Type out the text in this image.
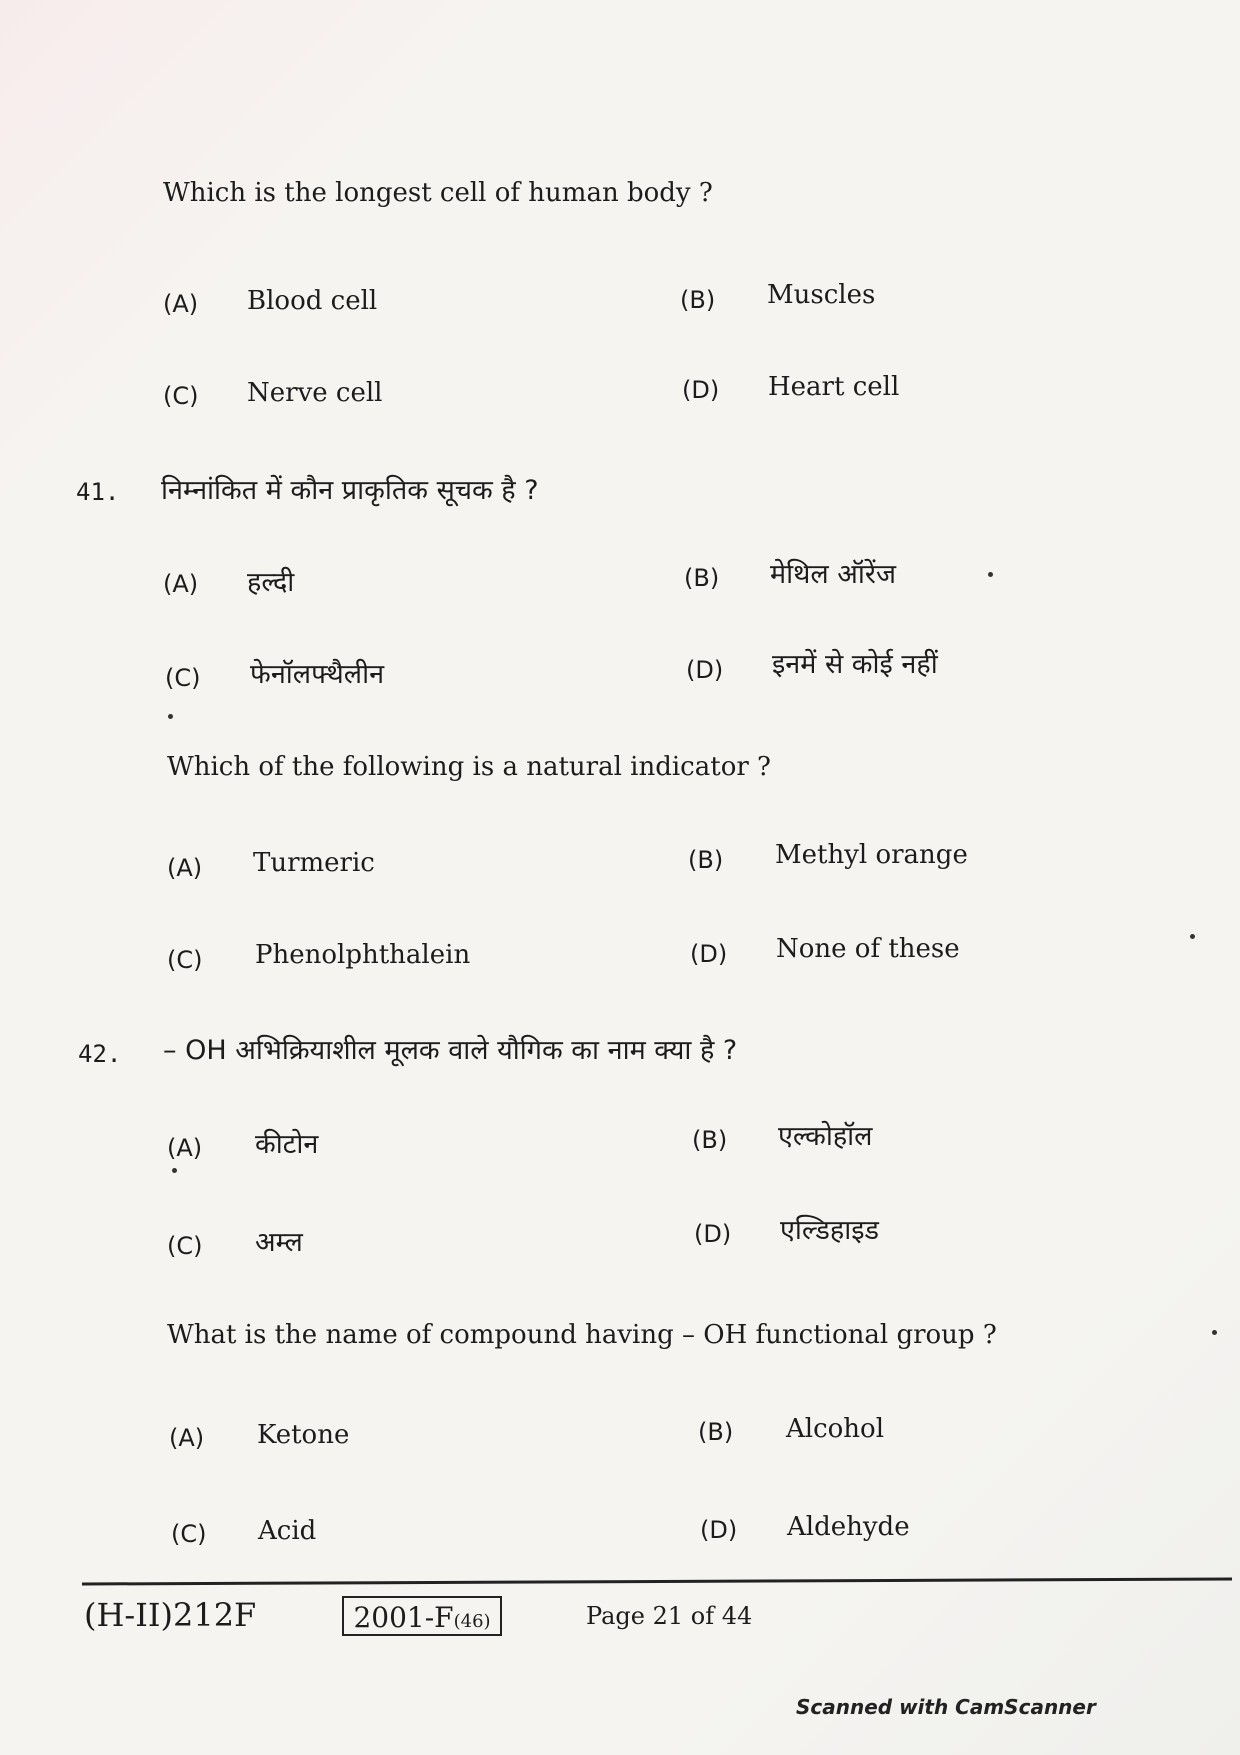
Which is the longest cell of human body ?
(A) Blood cell	(B) Muscles
(C) Nerve cell	(D) Heart cell
41. निम्नांकित में कौन प्राकृतिक सूचक है ?
(A) हल्दी	(B) मेथिल ऑरेंज
(C) फेनॉलफ्थैलीन	(D) इनमें से कोई नहीं
Which of the following is a natural indicator ?
(A) Turmeric	(B) Methyl orange
(C) Phenolphthalein	(D) None of these
42. – OH अभिक्रियाशील मूलक वाले यौगिक का नाम क्या है ?
(A) कीटोन	(B) एल्कोहॉल
(C) अम्ल	(D) एल्डिहाइड
What is the name of compound having – OH functional group ?
(A) Ketone	(B) Alcohol
(C) Acid	(D) Aldehyde
(H-II)212F	2001-F(46)	Page 21 of 44
Scanned with CamScanner
